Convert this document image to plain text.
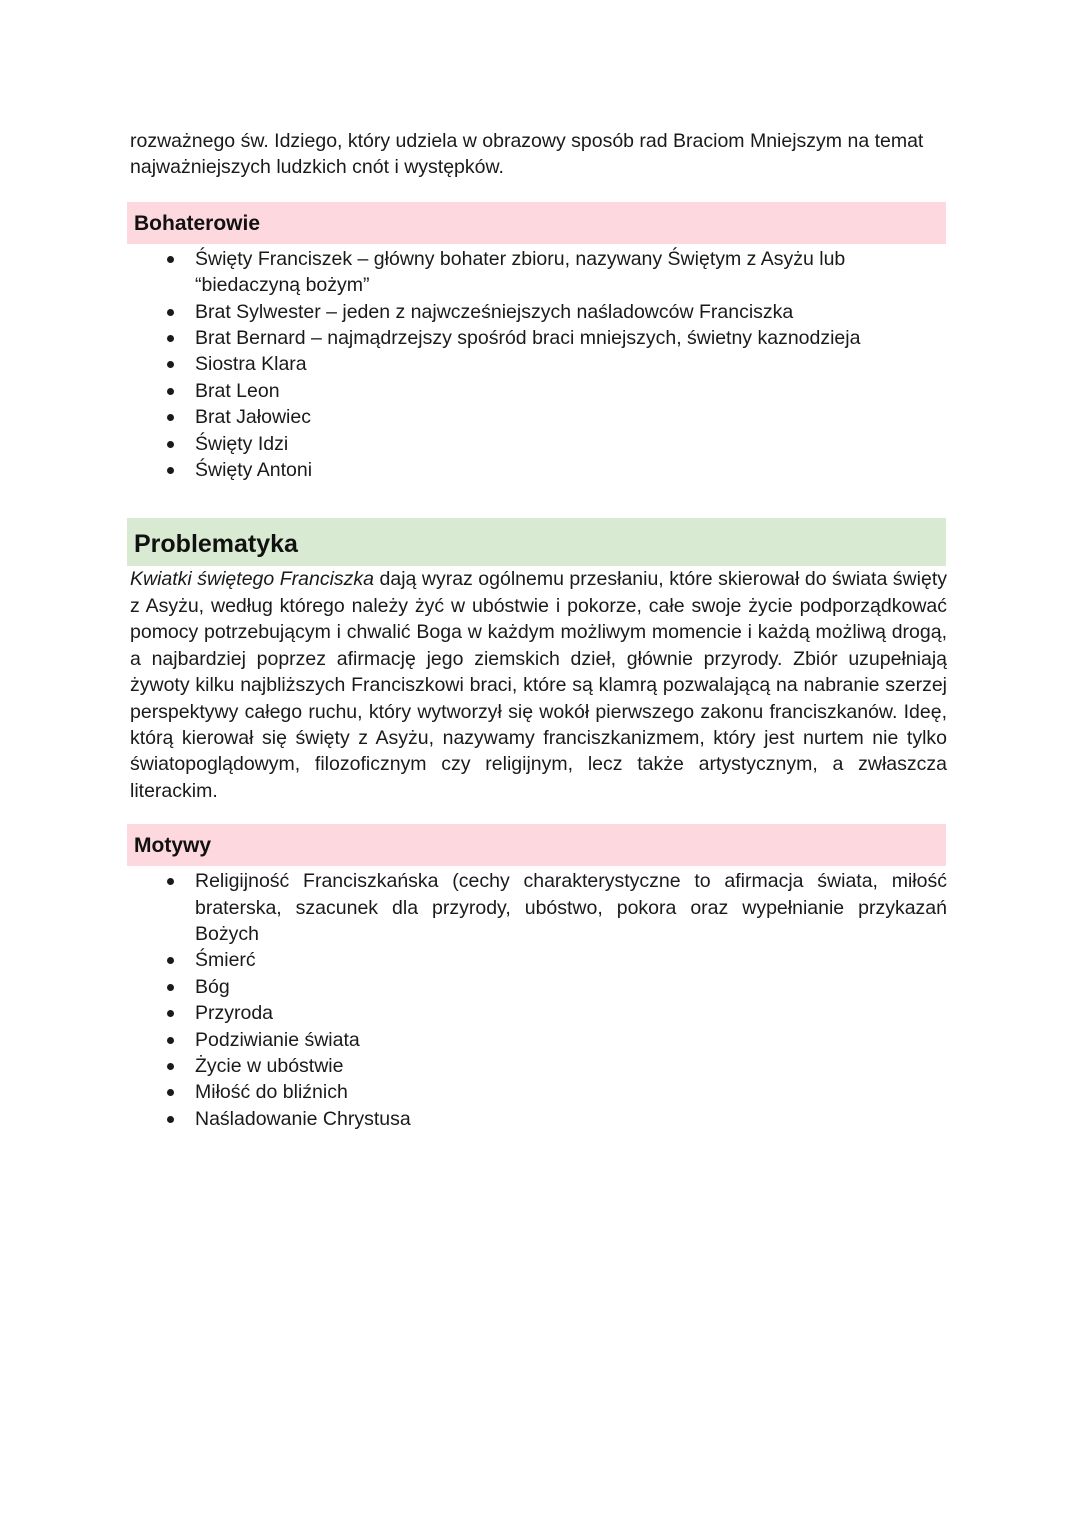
rozważnego św. Idziego, który udziela w obrazowy sposób rad Braciom Mniejszym na temat najważniejszych ludzkich cnót i występków.

Bohaterowie
Święty Franciszek – główny bohater zbioru, nazywany Świętym z Asyżu lub “biedaczyną bożym”
Brat Sylwester – jeden z najwcześniejszych naśladowców Franciszka
Brat Bernard – najmądrzejszy spośród braci mniejszych, świetny kaznodzieja
Siostra Klara
Brat Leon
Brat Jałowiec
Święty Idzi
Święty Antoni
Problematyka

Kwiatki świętego Franciszka dają wyraz ogólnemu przesłaniu, które skierował do świata święty z Asyżu, według którego należy żyć w ubóstwie i pokorze, całe swoje życie podporządkować pomocy potrzebującym i chwalić Boga w każdym możliwym momencie i każdą możliwą drogą, a najbardziej poprzez afirmację jego ziemskich dzieł, głównie przyrody. Zbiór uzupełniają żywoty kilku najbliższych Franciszkowi braci, które są klamrą pozwalającą na nabranie szerzej perspektywy całego ruchu, który wytworzył się wokół pierwszego zakonu franciszkanów. Ideę, którą kierował się święty z Asyżu, nazywamy franciszkanizmem, który jest nurtem nie tylko światopoglądowym, filozoficznym czy religijnym, lecz także artystycznym, a zwłaszcza literackim.

Motywy
Religijność Franciszkańska (cechy charakterystyczne to afirmacja świata, miłość braterska, szacunek dla przyrody, ubóstwo, pokora oraz wypełnianie przykazań Bożych
Śmierć
Bóg
Przyroda
Podziwianie świata
Życie w ubóstwie
Miłość do bliźnich
Naśladowanie Chrystusa
